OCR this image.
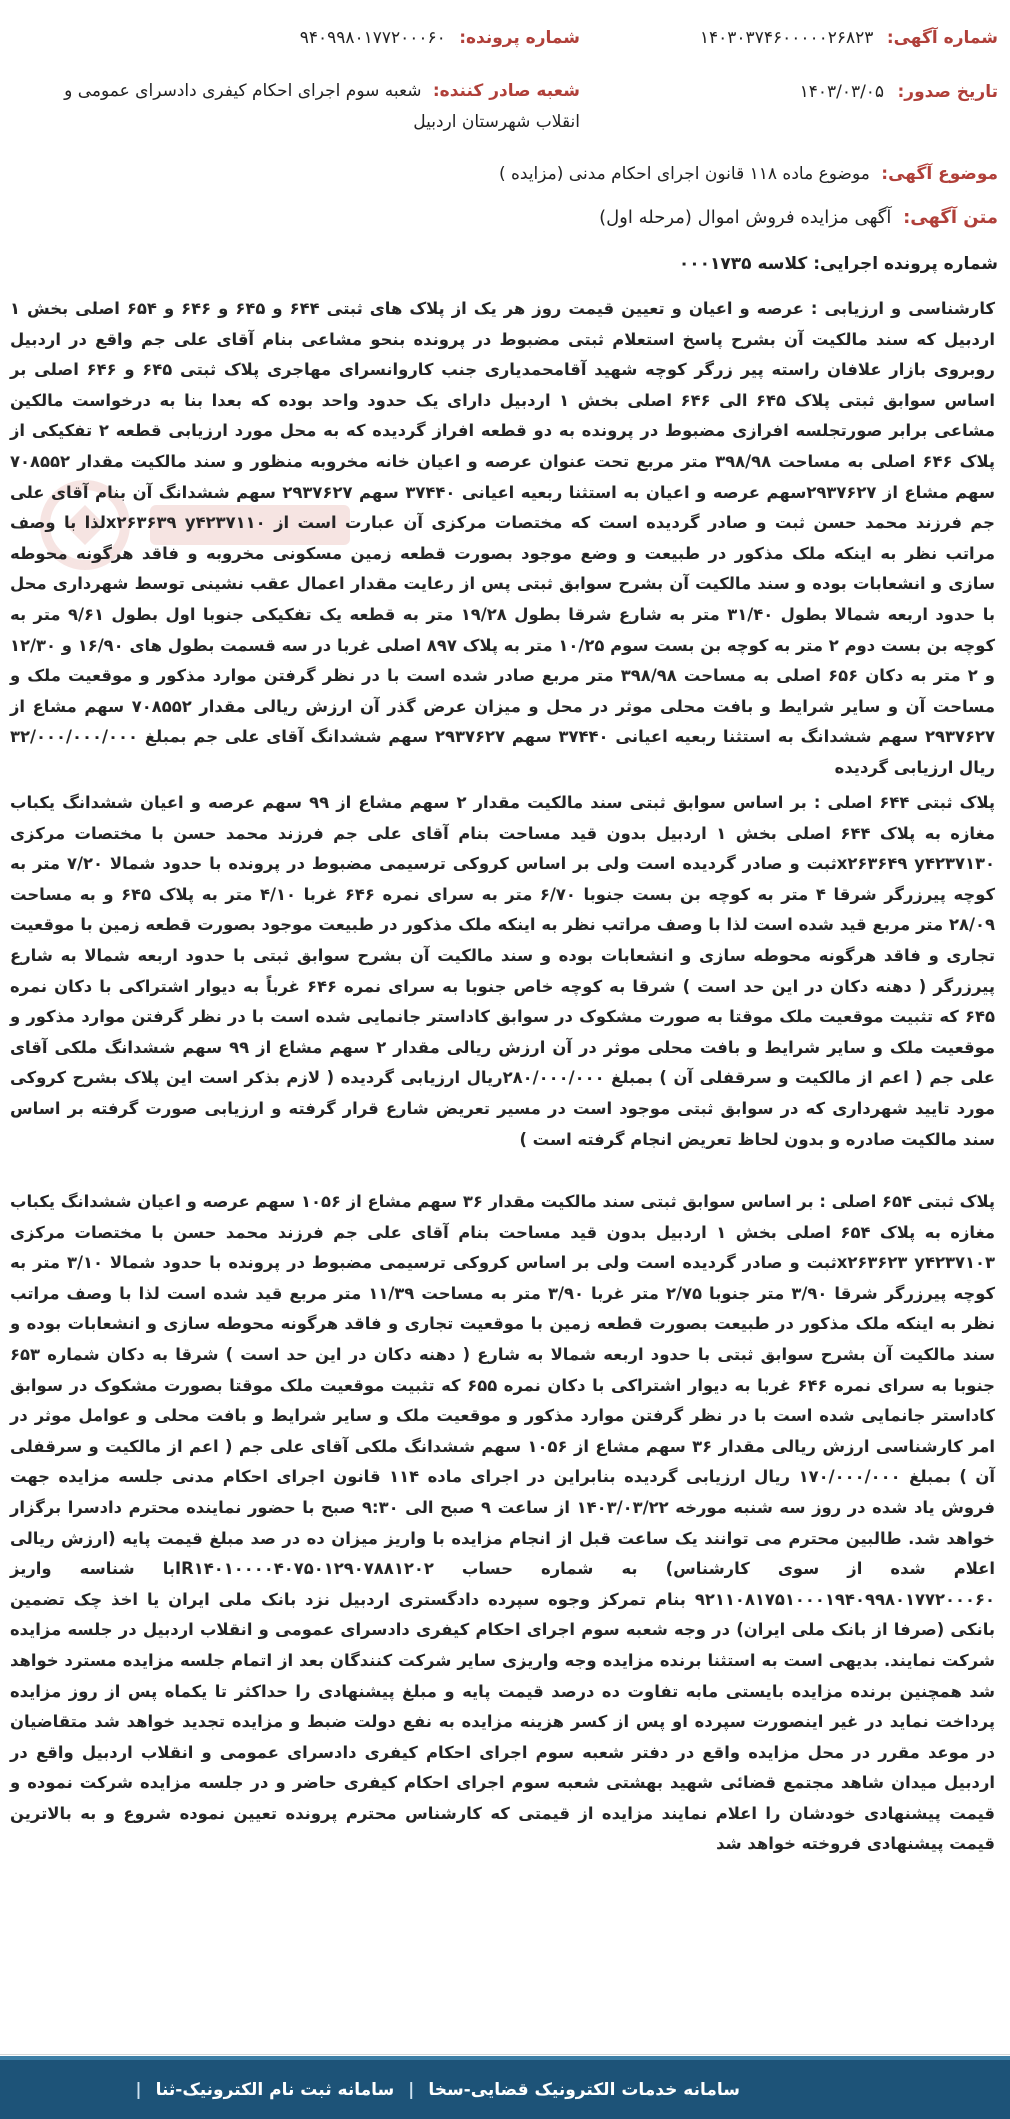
شماره آگهی: ۱۴۰۳۰۳۷۴۶۰۰۰۰۰۲۶۸۲۳
شماره پرونده: ۹۴۰۹۹۸۰۱۷۷۲۰۰۰۶۰
تاریخ صدور: ۱۴۰۳/۰۳/۰۵
شعبه صادر کننده: شعبه سوم اجرای احکام کیفری دادسرای عمومی و انقلاب شهرستان اردبیل
موضوع آگهی: موضوع ماده ۱۱۸ قانون اجرای احکام مدنی (مزایده )
متن آگهی: آگهی مزایده فروش اموال (مرحله اول)
شماره پرونده اجرایی: کلاسه ۰۰۰۱۷۳۵
کارشناسی و ارزیابی : عرصه و اعیان و تعیین قیمت روز هر یک از پلاک های ثبتی ۶۴۴ و ۶۴۵ و ۶۴۶ و ۶۵۴ اصلی بخش ۱ اردبیل که سند مالکیت آن بشرح پاسخ استعلام ثبتی مضبوط در پرونده بنحو مشاعی بنام آقای علی جم واقع در اردبیل روبروی بازار علافان راسته پیر زرگر کوچه شهید آقامحمدیاری جنب کاروانسرای مهاجری پلاک ثبتی ۶۴۵ و ۶۴۶ اصلی بر اساس سوابق ثبتی پلاک ۶۴۵ الی ۶۴۶ اصلی بخش ۱ اردبیل دارای یک حدود واحد بوده که بعدا بنا به درخواست مالکین مشاعی برابر صورتجلسه افرازی مضبوط در پرونده به دو قطعه افراز گردیده که به محل مورد ارزیابی قطعه ۲ تفکیکی از پلاک ۶۴۶ اصلی به مساحت ۳۹۸/۹۸ متر مربع تحت عنوان عرصه و اعیان خانه مخروبه منظور و سند مالکیت مقدار ۷۰۸۵۵۲ سهم مشاع از ۲۹۳۷۶۲۷سهم عرصه و اعیان به استثنا ربعیه اعیانی ۳۷۴۴۰ سهم ۲۹۳۷۶۲۷ سهم ششدانگ آن بنام آقای علی جم فرزند محمد حسن ثبت و صادر گردیده است که مختصات مرکزی آن عبارت است از x۲۶۳۶۳۹ y۴۲۳۷۱۱۰لذا با وصف مراتب نظر به اینکه ملک مذکور در طبیعت و وضع موجود بصورت قطعه زمین مسکونی مخروبه و فاقد هرگونه محوطه سازی و انشعابات بوده و سند مالکیت آن بشرح سوابق ثبتی پس از رعایت مقدار اعمال عقب نشینی توسط شهرداری محل با حدود اربعه شمالا بطول ۳۱/۴۰ متر به شارع شرقا بطول ۱۹/۲۸ متر به قطعه یک تفکیکی جنوبا اول بطول ۹/۶۱ متر به کوچه بن بست دوم ۲ متر به کوچه بن بست سوم ۱۰/۲۵ متر به پلاک ۸۹۷ اصلی غربا در سه قسمت بطول های ۱۶/۹۰ و ۱۲/۳۰ و ۲ متر به دکان ۶۵۶ اصلی به مساحت ۳۹۸/۹۸ متر مربع صادر شده است با در نظر گرفتن موارد مذکور و موقعیت ملک و مساحت آن و سایر شرایط و بافت محلی موثر در محل و میزان عرض گذر آن ارزش ریالی مقدار ۷۰۸۵۵۲ سهم مشاع از ۲۹۳۷۶۲۷ سهم ششدانگ به استثنا ربعیه اعیانی ۳۷۴۴۰ سهم ۲۹۳۷۶۲۷ سهم ششدانگ آقای علی جم بمبلغ ۳۲/۰۰۰/۰۰۰/۰۰۰ ریال ارزیابی گردیده
پلاک ثبتی ۶۴۴ اصلی : بر اساس سوابق ثبتی سند مالکیت مقدار ۲ سهم مشاع از ۹۹ سهم عرصه و اعیان ششدانگ یکباب مغازه به پلاک ۶۴۴ اصلی بخش ۱ اردبیل بدون قید مساحت بنام آقای علی جم فرزند محمد حسن با مختصات مرکزی x۲۶۳۶۴۹ y۴۲۳۷۱۳۰ثبت و صادر گردیده است ولی بر اساس کروکی ترسیمی مضبوط در پرونده با حدود شمالا ۷/۲۰ متر به کوچه پیرزرگر شرقا ۴ متر به کوچه بن بست جنوبا ۶/۷۰ متر به سرای نمره ۶۴۶ غربا ۴/۱۰ متر به پلاک ۶۴۵ و به مساحت ۲۸/۰۹ متر مربع قید شده است لذا با وصف مراتب نظر به اینکه ملک مذکور در طبیعت موجود بصورت قطعه زمین با موقعیت تجاری و فاقد هرگونه محوطه سازی و انشعابات بوده و سند مالکیت آن بشرح سوابق ثبتی با حدود اربعه شمالا به شارع پیرزرگر ( دهنه دکان در این حد است ) شرقا به کوچه خاص جنوبا به سرای نمره ۶۴۶ غرباً به دیوار اشتراکی با دکان نمره ۶۴۵ که تثبیت موقعیت ملک موقتا به صورت مشکوک در سوابق کاداستر جانمایی شده است با در نظر گرفتن موارد مذکور و موقعیت ملک و سایر شرایط و بافت محلی موثر در آن ارزش ریالی مقدار ۲ سهم مشاع از ۹۹ سهم ششدانگ ملکی آقای علی جم ( اعم از مالکیت و سرقفلی آن ) بمبلغ ۲۸۰/۰۰۰/۰۰۰ریال ارزیابی گردیده ( لازم بذکر است این پلاک بشرح کروکی مورد تایید شهرداری که در سوابق ثبتی موجود است در مسیر تعریض شارع قرار گرفته و ارزیابی صورت گرفته بر اساس سند مالکیت صادره و بدون لحاظ تعریض انجام گرفته است )
پلاک ثبتی ۶۵۴ اصلی : بر اساس سوابق ثبتی سند مالکیت مقدار ۳۶ سهم مشاع از ۱۰۵۶ سهم عرصه و اعیان ششدانگ یکباب مغازه به پلاک ۶۵۴ اصلی بخش ۱ اردبیل بدون قید مساحت بنام آقای علی جم فرزند محمد حسن با مختصات مرکزی x۲۶۳۶۲۳ y۴۲۳۷۱۰۳ثبت و صادر گردیده است ولی بر اساس کروکی ترسیمی مضبوط در پرونده با حدود شمالا ۳/۱۰ متر به کوچه پیرزرگر شرقا ۳/۹۰ متر جنوبا ۲/۷۵ متر غربا ۳/۹۰ متر به مساحت ۱۱/۳۹ متر مربع قید شده است لذا با وصف مراتب نظر به اینکه ملک مذکور در طبیعت بصورت قطعه زمین با موقعیت تجاری و فاقد هرگونه محوطه سازی و انشعابات بوده و سند مالکیت آن بشرح سوابق ثبتی با حدود اربعه شمالا به شارع ( دهنه دکان در این حد است ) شرقا به دکان شماره ۶۵۳ جنوبا به سرای نمره ۶۴۶ غربا به دیوار اشتراکی با دکان نمره ۶۵۵ که تثبیت موقعیت ملک موقتا بصورت مشکوک در سوابق کاداستر جانمایی شده است با در نظر گرفتن موارد مذکور و موقعیت ملک و سایر شرایط و بافت محلی و عوامل موثر در امر کارشناسی ارزش ریالی مقدار ۳۶ سهم مشاع از ۱۰۵۶ سهم ششدانگ ملکی آقای علی جم ( اعم از مالکیت و سرقفلی آن ) بمبلغ ۱۷۰/۰۰۰/۰۰۰ ریال ارزیابی گردیده بنابراین در اجرای ماده ۱۱۴ قانون اجرای احکام مدنی جلسه مزایده جهت فروش یاد شده در روز سه شنبه مورخه ۱۴۰۳/۰۳/۲۲ از ساعت ۹ صبح الی ۹:۳۰ صبح با حضور نماینده محترم دادسرا برگزار خواهد شد. طالبین محترم می توانند یک ساعت قبل از انجام مزایده با واریز میزان ده در صد مبلغ قیمت پایه (ارزش ریالی اعلام شده از سوی کارشناس) به شماره حساب IR۱۴۰۱۰۰۰۰۴۰۷۵۰۱۲۹۰۷۸۸۱۲۰۲با شناسه واریز ۹۲۱۱۰۸۱۷۵۱۰۰۰۱۹۴۰۹۹۸۰۱۷۷۲۰۰۰۶۰ بنام تمرکز وجوه سپرده دادگستری اردبیل نزد بانک ملی ایران یا اخذ چک تضمین بانکی (صرفا از بانک ملی ایران) در وجه شعبه سوم اجرای احکام کیفری دادسرای عمومی و انقلاب اردبیل در جلسه مزایده شرکت نمایند. بدیهی است به استثنا برنده مزایده وجه واریزی سایر شرکت کنندگان بعد از اتمام جلسه مزایده مسترد خواهد شد همچنین برنده مزایده بایستی مابه تفاوت ده درصد قیمت پایه و مبلغ پیشنهادی را حداکثر تا یکماه پس از روز مزایده پرداخت نماید در غیر اینصورت سپرده او پس از کسر هزینه مزایده به نفع دولت ضبط و مزایده تجدید خواهد شد متقاضیان در موعد مقرر در محل مزایده واقع در دفتر شعبه سوم اجرای احکام کیفری دادسرای عمومی و انقلاب اردبیل واقع در اردبیل میدان شاهد مجتمع قضائی شهید بهشتی شعبه سوم اجرای احکام کیفری حاضر و در جلسه مزایده شرکت نموده و قیمت پیشنهادی خودشان را اعلام نمایند مزایده از قیمتی که کارشناس محترم پرونده تعیین نموده شروع و به بالاترین قیمت پیشنهادی فروخته خواهد شد
سامانه خدمات الکترونیک قضایی-سخا | سامانه ثبت نام الکترونیک-ثنا |
